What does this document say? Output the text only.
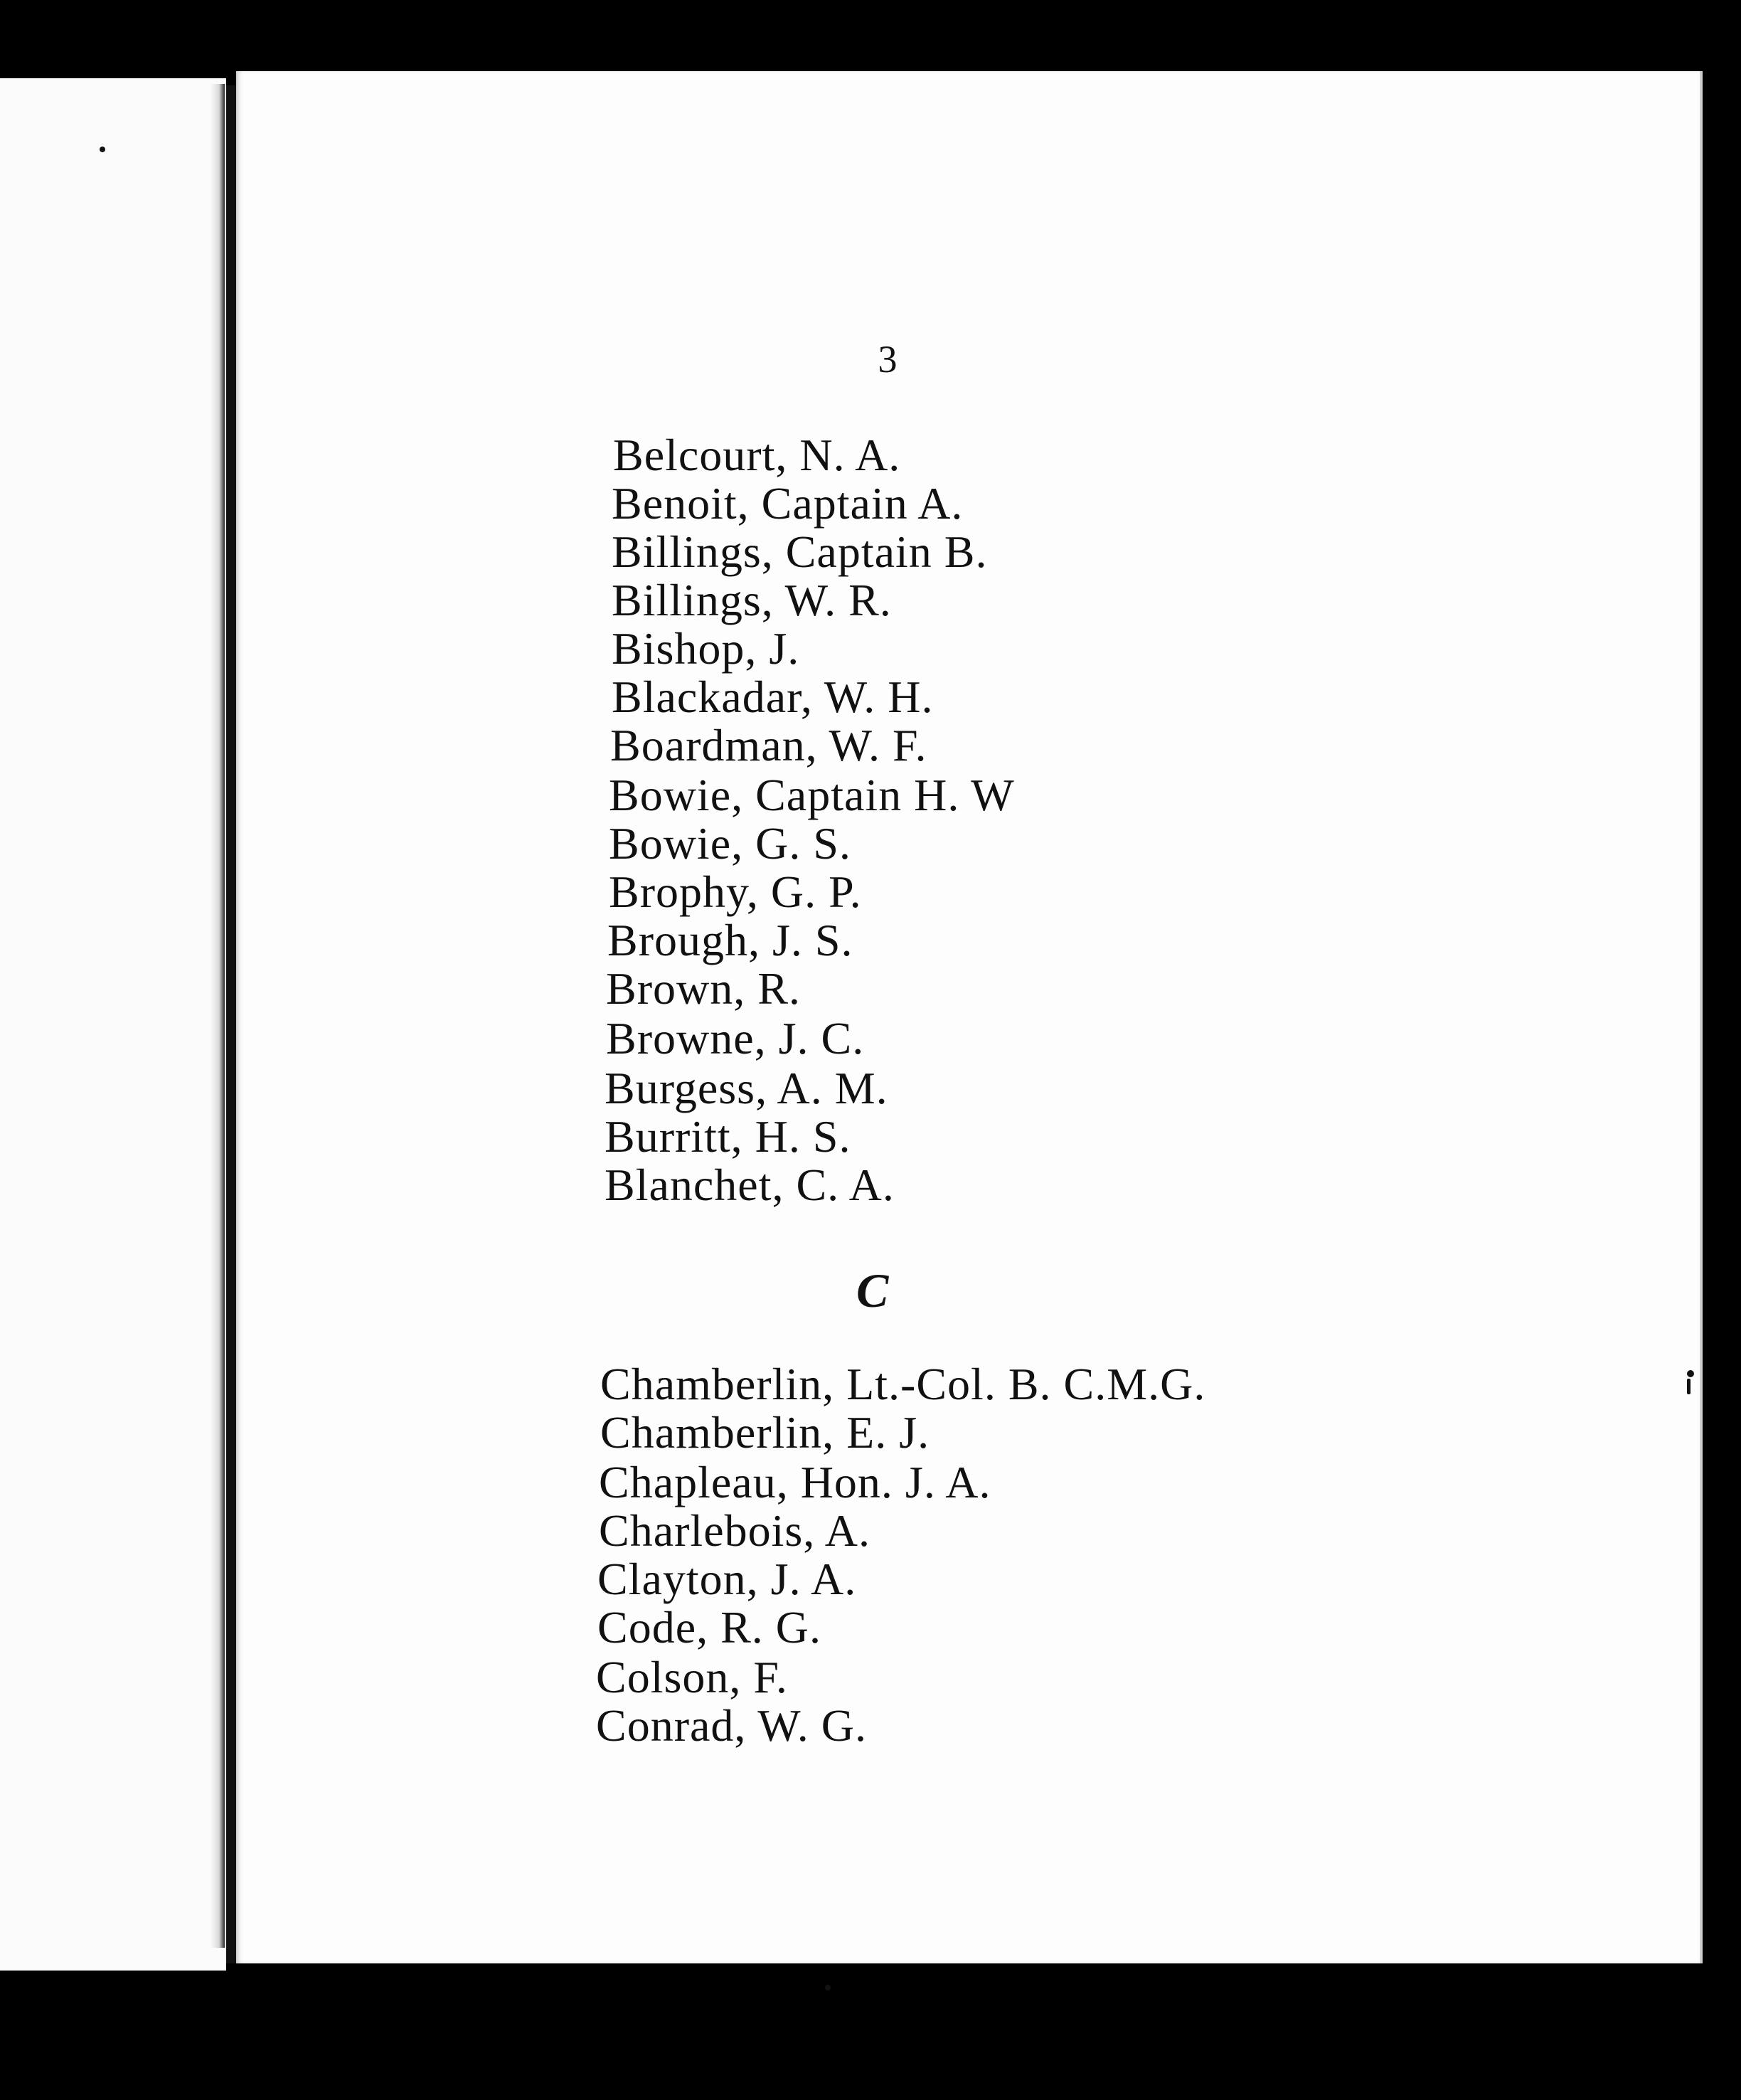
3

Belcourt, N. A.

Benoit, Captain A.

Billings, Captain B.

Billings, W. R.

Bishop, J.

Blackadar, W. H.

Boardman, W. F.

Bowie, Captain H. W

Bowie, G. S.

Brophy, G. P.

Brough, J. S.

Brown, R.

Browne, J. C.

Burgess, A. M.

Burritt, H. S.

Blanchet, C. A.

C

Chamberlin, Lt.-Col. B. C.M.G.

Chamberlin, E. J.

Chapleau, Hon. J. A.

Charlebois, A.

Clayton, J. A.

Code, R. G.

Colson, F.

Conrad, W. G.
